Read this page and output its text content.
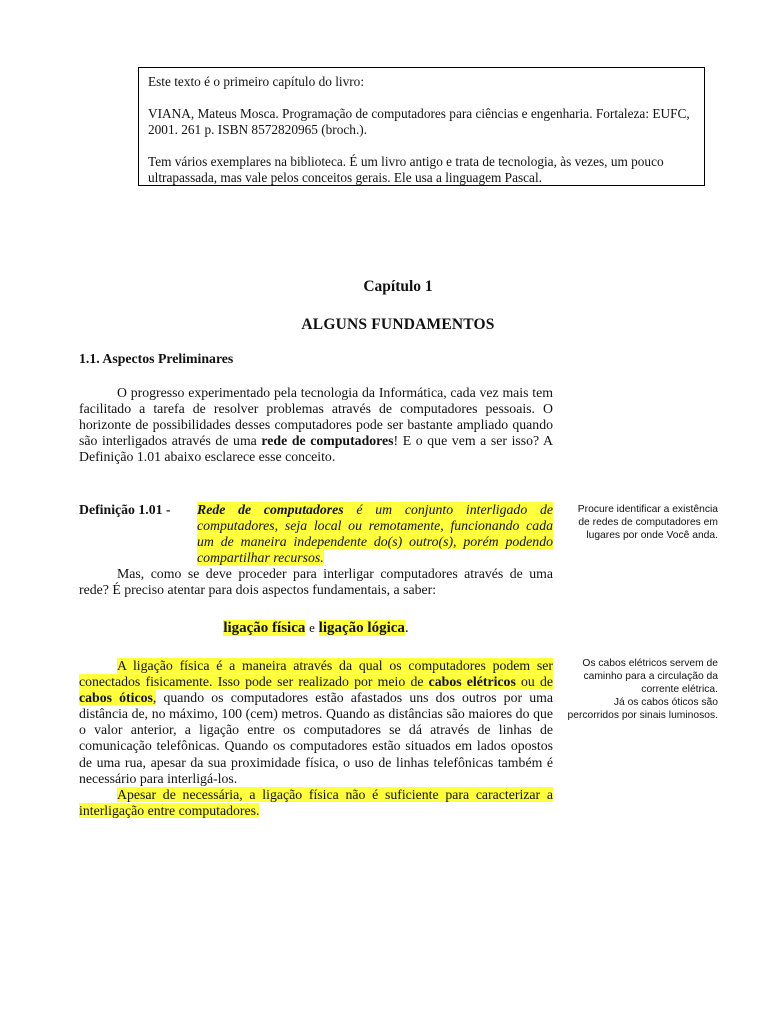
Este texto é o primeiro capítulo do livro:

VIANA, Mateus Mosca. Programação de computadores para ciências e engenharia. Fortaleza: EUFC, 2001. 261 p. ISBN 8572820965 (broch.).

Tem vários exemplares na biblioteca. É um livro antigo e trata de tecnologia, às vezes, um pouco ultrapassada, mas vale pelos conceitos gerais. Ele usa a linguagem Pascal.

Capítulo 1
ALGUNS FUNDAMENTOS
1.1. Aspectos Preliminares

O progresso experimentado pela tecnologia da Informática, cada vez mais tem facilitado a tarefa de resolver problemas através de computadores pessoais. O horizonte de possibilidades desses computadores pode ser bastante ampliado quando são interligados através de uma rede de computadores! E o que vem a ser isso? A Definição 1.01 abaixo esclarece esse conceito.

Definição 1.01 -	Rede de computadores é um conjunto interligado de computadores, seja local ou remotamente, funcionando cada um de maneira independente do(s) outro(s), porém podendo compartilhar recursos.

Mas, como se deve proceder para interligar computadores através de uma rede? É preciso atentar para dois aspectos fundamentais, a saber:

ligação física e ligação lógica.

A ligação física é a maneira através da qual os computadores podem ser conectados fisicamente. Isso pode ser realizado por meio de cabos elétricos ou de cabos óticos, quando os computadores estão afastados uns dos outros por uma distância de, no máximo, 100 (cem) metros. Quando as distâncias são maiores do que o valor anterior, a ligação entre os computadores se dá através de linhas de comunicação telefônicas. Quando os computadores estão situados em lados opostos de uma rua, apesar da sua proximidade física, o uso de linhas telefônicas também é necessário para interligá-los.

Apesar de necessária, a ligação física não é suficiente para caracterizar a interligação entre computadores.

Procure identificar a existência de redes de computadores em lugares por onde Você anda.

Os cabos elétricos servem de caminho para a circulação da corrente elétrica.

Já os cabos óticos são percorridos por sinais luminosos.
